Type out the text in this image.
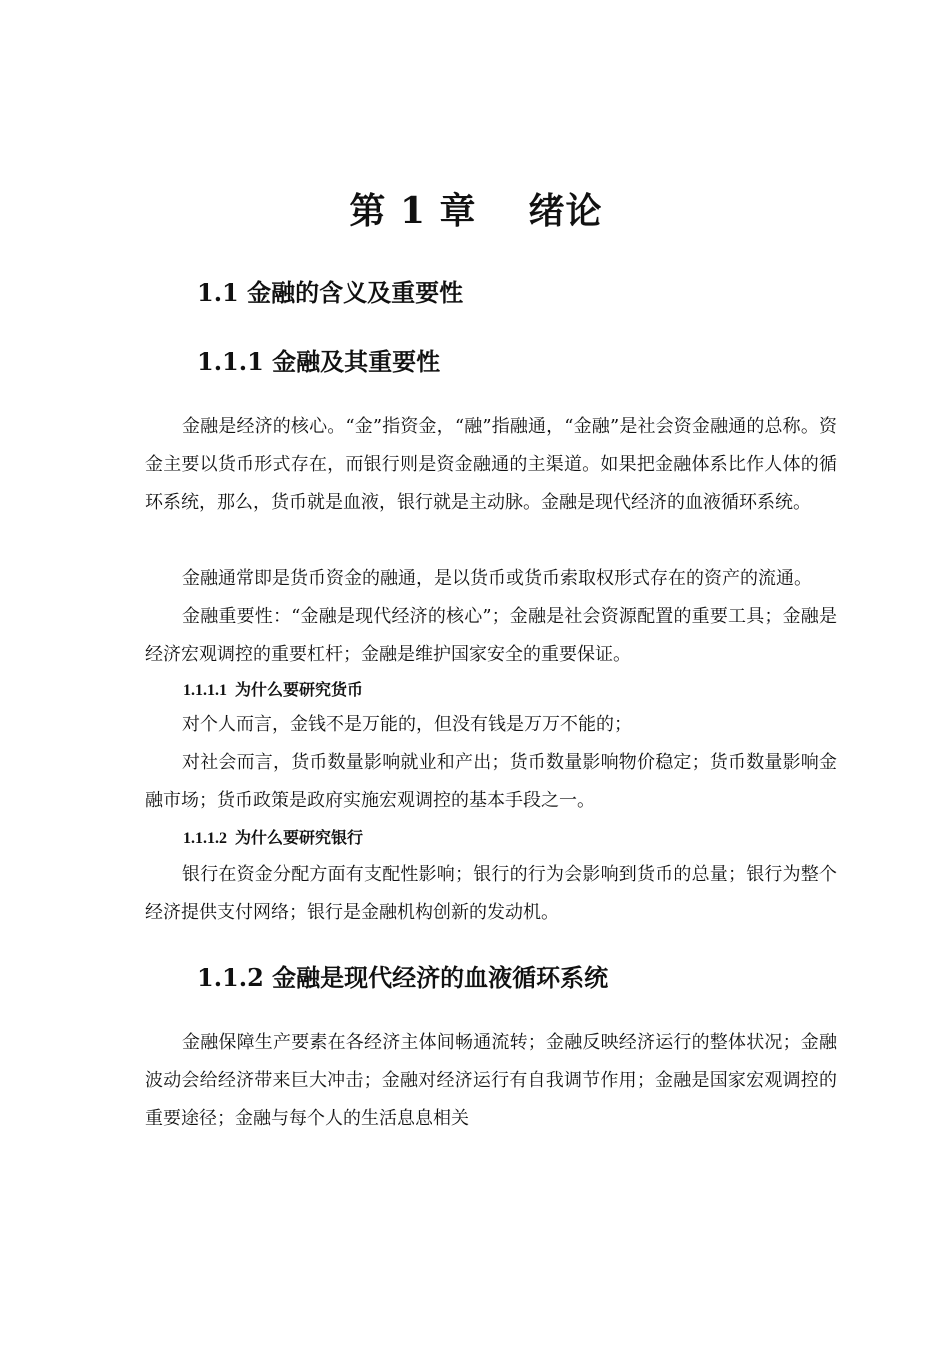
第 1 章 绪论
1.1 金融的含义及重要性
1.1.1 金融及其重要性

金融是经济的核心。“金”指资金，“融”指融通，“金融”是社会资金融通的总称。资金主要以货币形式存在，而银行则是资金融通的主渠道。如果把金融体系比作人体的循环系统，那么，货币就是血液，银行就是主动脉。金融是现代经济的血液循环系统。

金融通常即是货币资金的融通，是以货币或货币索取权形式存在的资产的流通。

金融重要性：“金融是现代经济的核心”；金融是社会资源配置的重要工具；金融是经济宏观调控的重要杠杆；金融是维护国家安全的重要保证。

1.1.1.1 为什么要研究货币

对个人而言，金钱不是万能的，但没有钱是万万不能的；

对社会而言，货币数量影响就业和产出；货币数量影响物价稳定；货币数量影响金融市场；货币政策是政府实施宏观调控的基本手段之一。

1.1.1.2 为什么要研究银行

银行在资金分配方面有支配性影响；银行的行为会影响到货币的总量；银行为整个经济提供支付网络；银行是金融机构创新的发动机。

1.1.2 金融是现代经济的血液循环系统

金融保障生产要素在各经济主体间畅通流转；金融反映经济运行的整体状况；金融波动会给经济带来巨大冲击；金融对经济运行有自我调节作用；金融是国家宏观调控的重要途径；金融与每个人的生活息息相关
